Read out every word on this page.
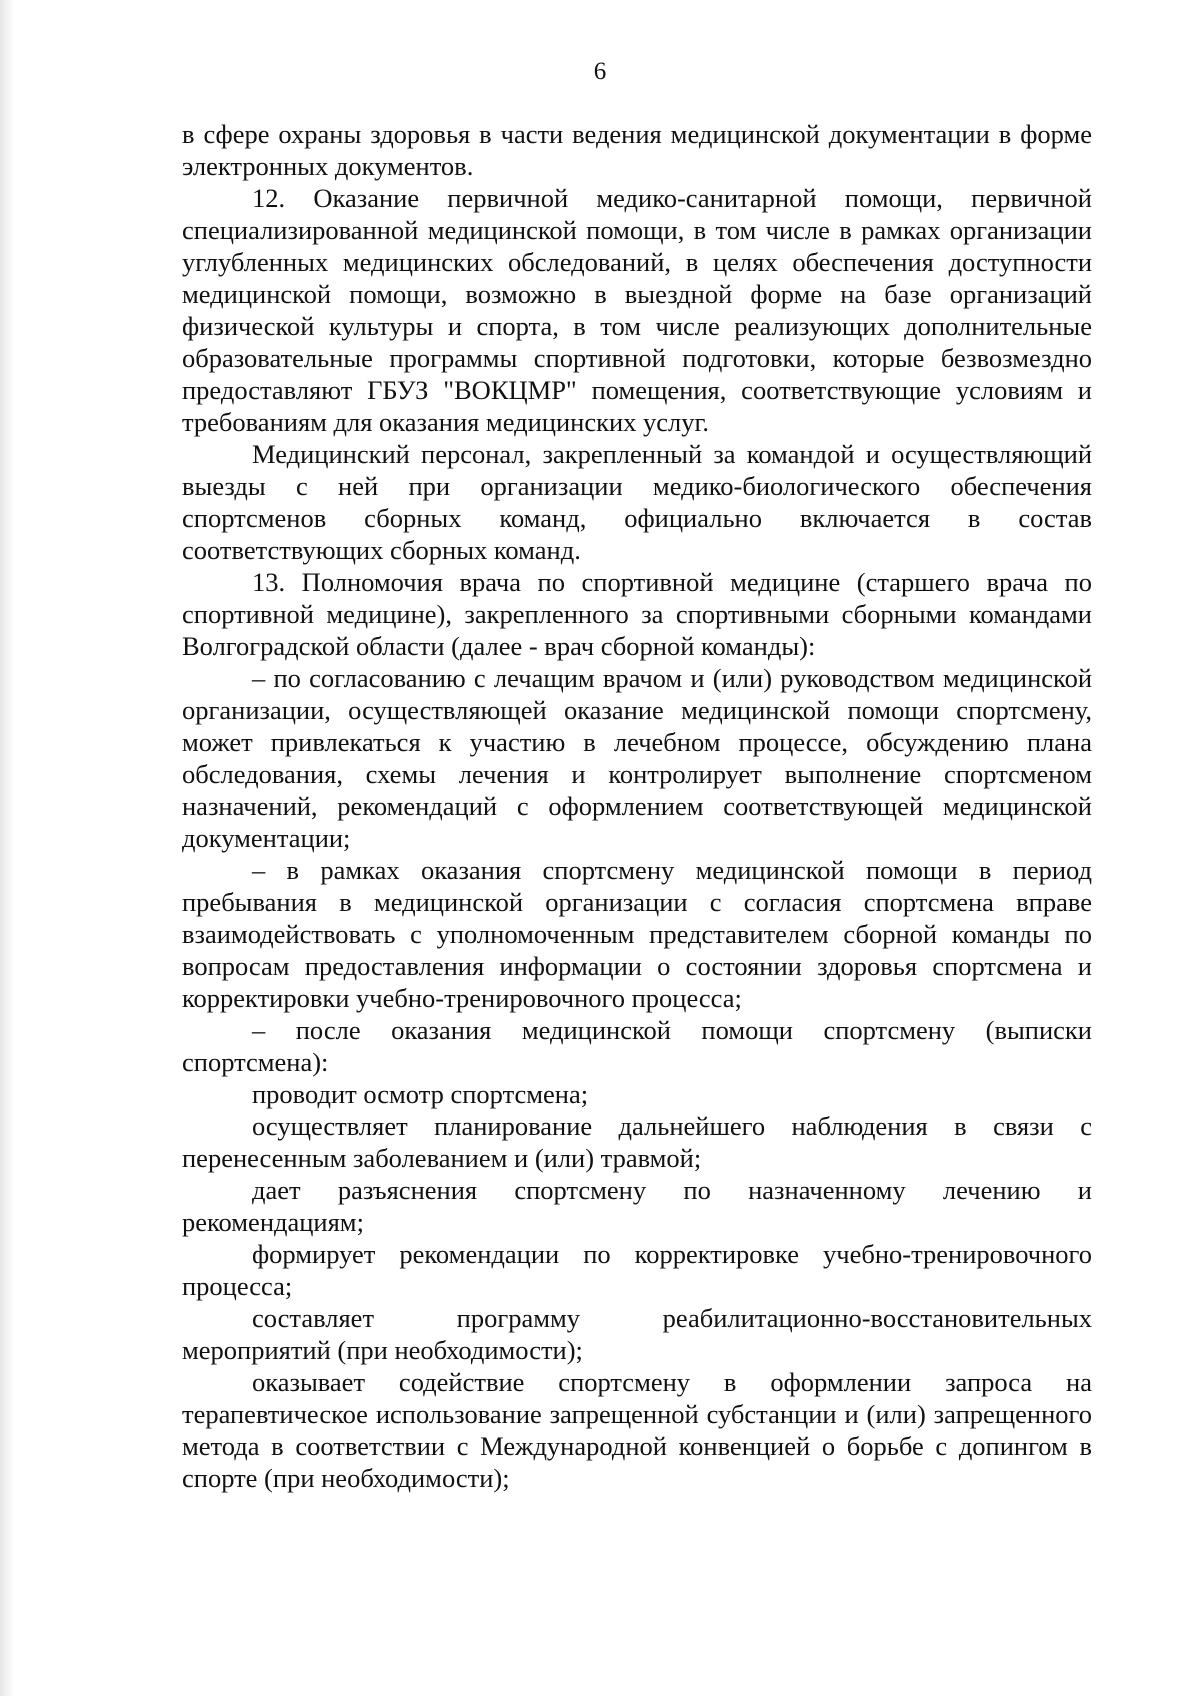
6

в сфере охраны здоровья в части ведения медицинской документации в форме электронных документов.

12. Оказание первичной медико-санитарной помощи, первичной специализированной медицинской помощи, в том числе в рамках организации углубленных медицинских обследований, в целях обеспечения доступности медицинской помощи, возможно в выездной форме на базе организаций физической культуры и спорта, в том числе реализующих дополнительные образовательные программы спортивной подготовки, которые безвозмездно предоставляют ГБУЗ "ВОКЦМР" помещения, соответствующие условиям и требованиям для оказания медицинских услуг.

Медицинский персонал, закрепленный за командой и осуществляющий выезды с ней при организации медико-биологического обеспечения спортсменов сборных команд, официально включается в состав соответствующих сборных команд.

13. Полномочия врача по спортивной медицине (старшего врача по спортивной медицине), закрепленного за спортивными сборными командами Волгоградской области (далее - врач сборной команды):

– по согласованию с лечащим врачом и (или) руководством медицинской организации, осуществляющей оказание медицинской помощи спортсмену, может привлекаться к участию в лечебном процессе, обсуждению плана обследования, схемы лечения и контролирует выполнение спортсменом назначений, рекомендаций с оформлением соответствующей медицинской документации;

– в рамках оказания спортсмену медицинской помощи в период пребывания в медицинской организации с согласия спортсмена вправе взаимодействовать с уполномоченным представителем сборной команды по вопросам предоставления информации о состоянии здоровья спортсмена и корректировки учебно-тренировочного процесса;

– после оказания медицинской помощи спортсмену (выписки спортсмена):

проводит осмотр спортсмена;

осуществляет планирование дальнейшего наблюдения в связи с перенесенным заболеванием и (или) травмой;

дает разъяснения спортсмену по назначенному лечению и рекомендациям;

формирует рекомендации по корректировке учебно-тренировочного процесса;

составляет программу реабилитационно-восстановительных мероприятий (при необходимости);

оказывает содействие спортсмену в оформлении запроса на терапевтическое использование запрещенной субстанции и (или) запрещенного метода в соответствии с Международной конвенцией о борьбе с допингом в спорте (при необходимости);
